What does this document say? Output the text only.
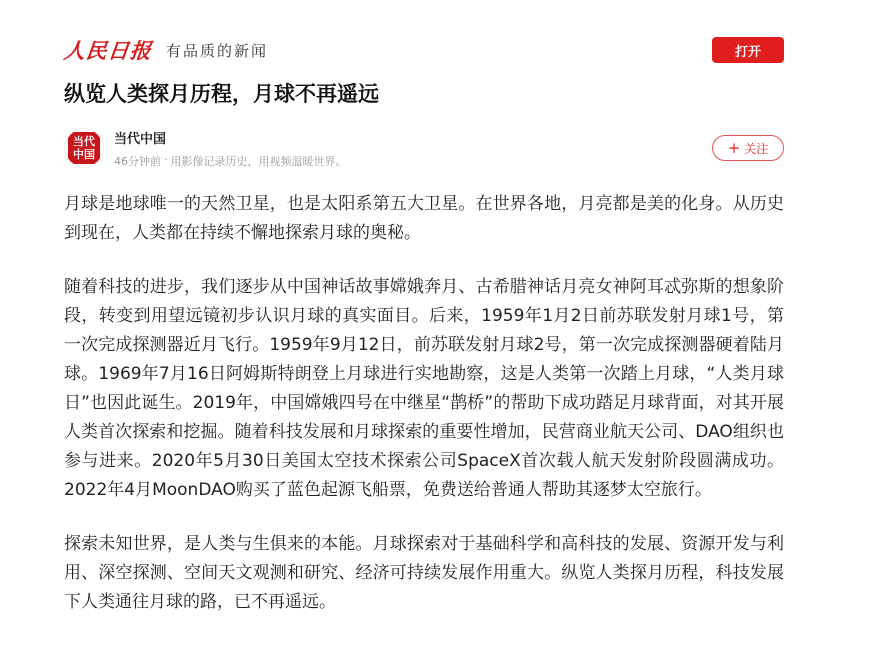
人民日报 有品质的新闻	打开
纵览人类探月历程，月球不再遥远
当代
中国
当代中国
46分钟前 · 用影像记录历史，用视频温暖世界。
+ 关注

月球是地球唯一的天然卫星，也是太阳系第五大卫星。在世界各地，月亮都是美的化身。从历史到现在，人类都在持续不懈地探索月球的奥秘。

随着科技的进步，我们逐步从中国神话故事嫦娥奔月、古希腊神话月亮女神阿耳忒弥斯的想象阶段，转变到用望远镜初步认识月球的真实面目。后来，1959年1月2日前苏联发射月球1号，第一次完成探测器近月飞行。1959年9月12日，前苏联发射月球2号，第一次完成探测器硬着陆月球。1969年7月16日阿姆斯特朗登上月球进行实地勘察，这是人类第一次踏上月球，“人类月球日”也因此诞生。2019年，中国嫦娥四号在中继星“鹊桥”的帮助下成功踏足月球背面，对其开展人类首次探索和挖掘。随着科技发展和月球探索的重要性增加，民营商业航天公司、DAO组织也参与进来。2020年5月30日美国太空技术探索公司SpaceX首次载人航天发射阶段圆满成功。2022年4月MoonDAO购买了蓝色起源飞船票，免费送给普通人帮助其逐梦太空旅行。

探索未知世界，是人类与生俱来的本能。月球探索对于基础科学和高科技的发展、资源开发与利用、深空探测、空间天文观测和研究、经济可持续发展作用重大。纵览人类探月历程，科技发展下人类通往月球的路，已不再遥远。
